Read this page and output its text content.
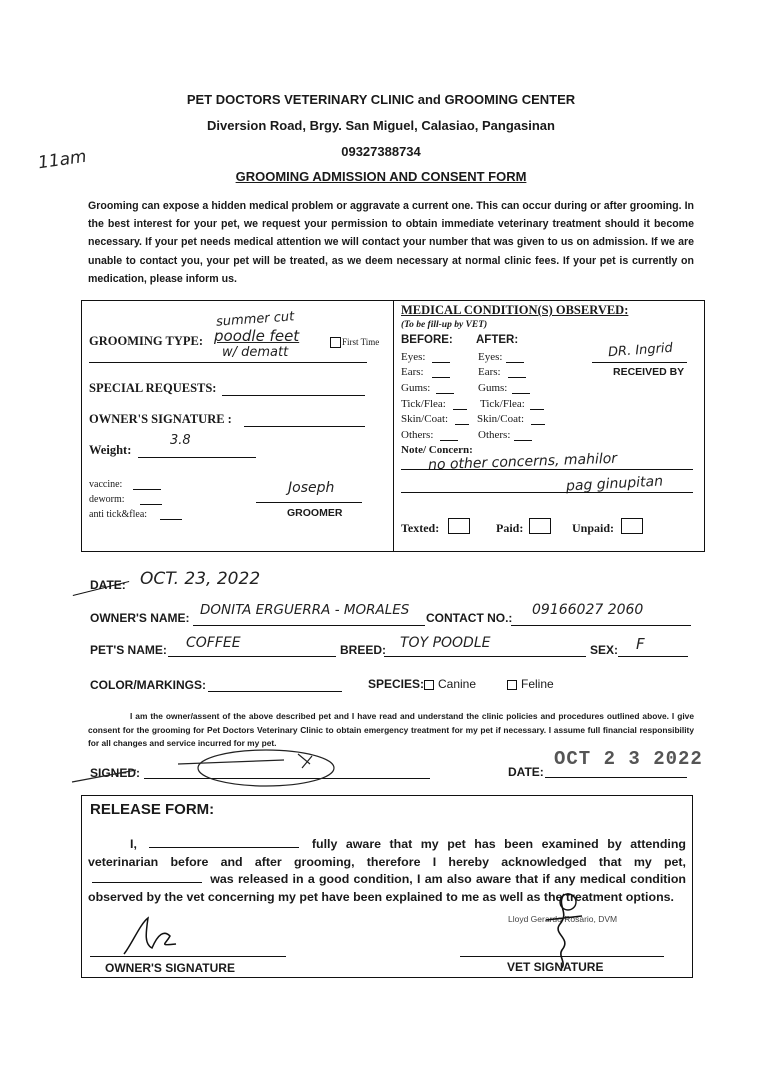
PET DOCTORS VETERINARY CLINIC and GROOMING CENTER
Diversion Road, Brgy. San Miguel, Calasiao, Pangasinan
09327388734
GROOMING ADMISSION AND CONSENT FORM
11am
Grooming can expose a hidden medical problem or aggravate a current one. This can occur during or after grooming. In the best interest for your pet, we request your permission to obtain immediate veterinary treatment should it become necessary. If your pet needs medical attention we will contact your number that was given to us on admission. If we are unable to contact you, your pet will be treated, as we deem necessary at normal clinic fees. If your pet is currently on medication, please inform us.
summer cut
GROOMING TYPE: poodle feet	First Time
w/ dematt
SPECIAL REQUESTS:
OWNER'S SIGNATURE :
Weight:
3.8
vaccine:
deworm:
anti tick&flea:
Joseph
GROOMER
MEDICAL CONDITION(S) OBSERVED:
(To be fill-up by VET)
BEFORE: AFTER:
Eyes:	Eyes:
Ears:	Ears:
Gums:	Gums:
Tick/Flea:	Tick/Flea:
Skin/Coat:	Skin/Coat:
Others:	Others:
Note/ Concern:
no other concerns, mahilor
pag ginupitan
DR. Ingrid
RECEIVED BY
Texted:	Paid:	Unpaid:
DATE: OCT. 23, 2022
OWNER'S NAME: DONITA ERGUERRA - MORALES CONTACT NO.: 09166027 2060
PET'S NAME: COFFEE	BREED: TOY POODLE	SEX: F
COLOR/MARKINGS:	SPECIES:	Canine	Feline
I am the owner/assent of the above described pet and I have read and understand the clinic policies and procedures outlined above. I give consent for the grooming for Pet Doctors Veterinary Clinic to obtain emergency treatment for my pet if necessary. I assume full financial responsibility for all changes and service incurred for my pet.
SIGNED:	DATE:
OCT 2 3 2022
RELEASE FORM:
I,	fully aware that my pet has been examined by attending veterinarian before and after grooming, therefore I hereby acknowledged that my pet,  was released in a good condition, I am also aware that if any medical condition observed by the vet concerning my pet have been explained to me as well as the treatment options.
OWNER'S SIGNATURE
Lloyd Gerardo Rosario, DVM
VET SIGNATURE
